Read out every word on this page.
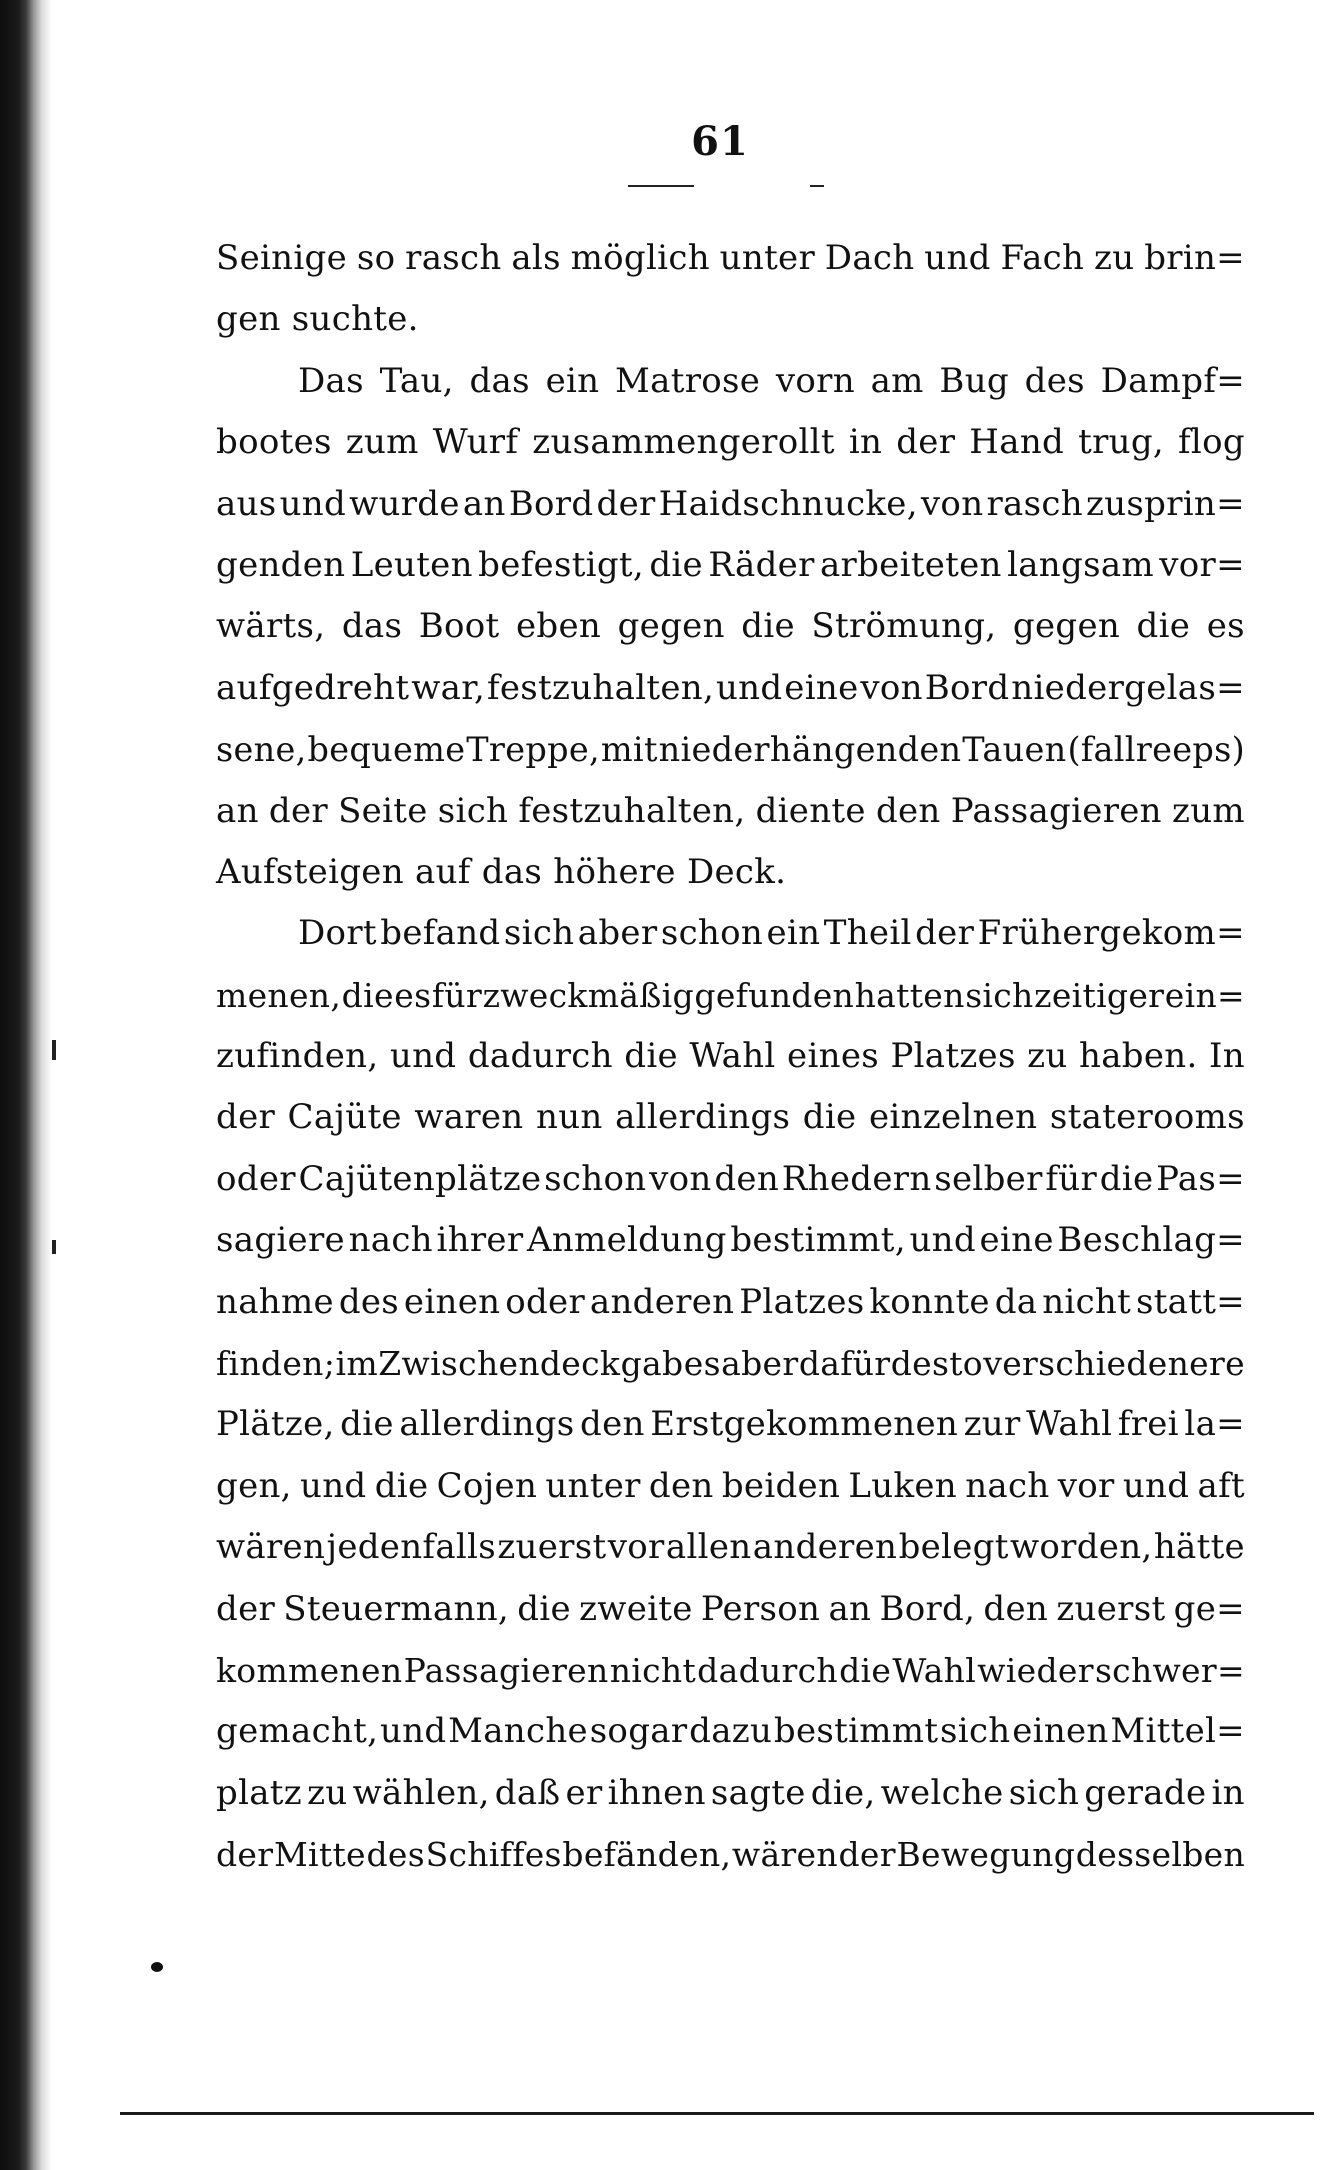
61
Seinige so rasch als möglich unter Dach und Fach zu brin=
gen suchte.
Das Tau, das ein Matrose vorn am Bug des Dampf=
bootes zum Wurf zusammengerollt in der Hand trug, flog
aus und wurde an Bord der Haidschnucke, von rasch zusprin=
genden Leuten befestigt, die Räder arbeiteten langsam vor=
wärts, das Boot eben gegen die Strömung, gegen die es
aufgedreht war, festzuhalten, und eine von Bord niedergelas=
sene, bequeme Treppe, mit niederhängenden Tauen (fallreeps)
an der Seite sich festzuhalten, diente den Passagieren zum
Aufsteigen auf das höhere Deck.
Dort befand sich aber schon ein Theil der Frühergekom=
menen, die es für zweckmäßig gefunden hatten sich zeitiger ein=
zufinden, und dadurch die Wahl eines Platzes zu haben. In
der Cajüte waren nun allerdings die einzelnen staterooms
oder Cajütenplätze schon von den Rhedern selber für die Pas=
sagiere nach ihrer Anmeldung bestimmt, und eine Beschlag=
nahme des einen oder anderen Platzes konnte da nicht statt=
finden; im Zwischendeck gab es aber dafür desto verschiedenere
Plätze, die allerdings den Erstgekommenen zur Wahl frei la=
gen, und die Cojen unter den beiden Luken nach vor und aft
wären jedenfalls zuerst vor allen anderen belegt worden, hätte
der Steuermann, die zweite Person an Bord, den zuerst ge=
kommenen Passagieren nicht dadurch die Wahl wieder schwer=
gemacht, und Manche sogar dazu bestimmt sich einen Mittel=
platz zu wählen, daß er ihnen sagte die, welche sich gerade in
der Mitte des Schiffes befänden, wären der Bewegung desselben
